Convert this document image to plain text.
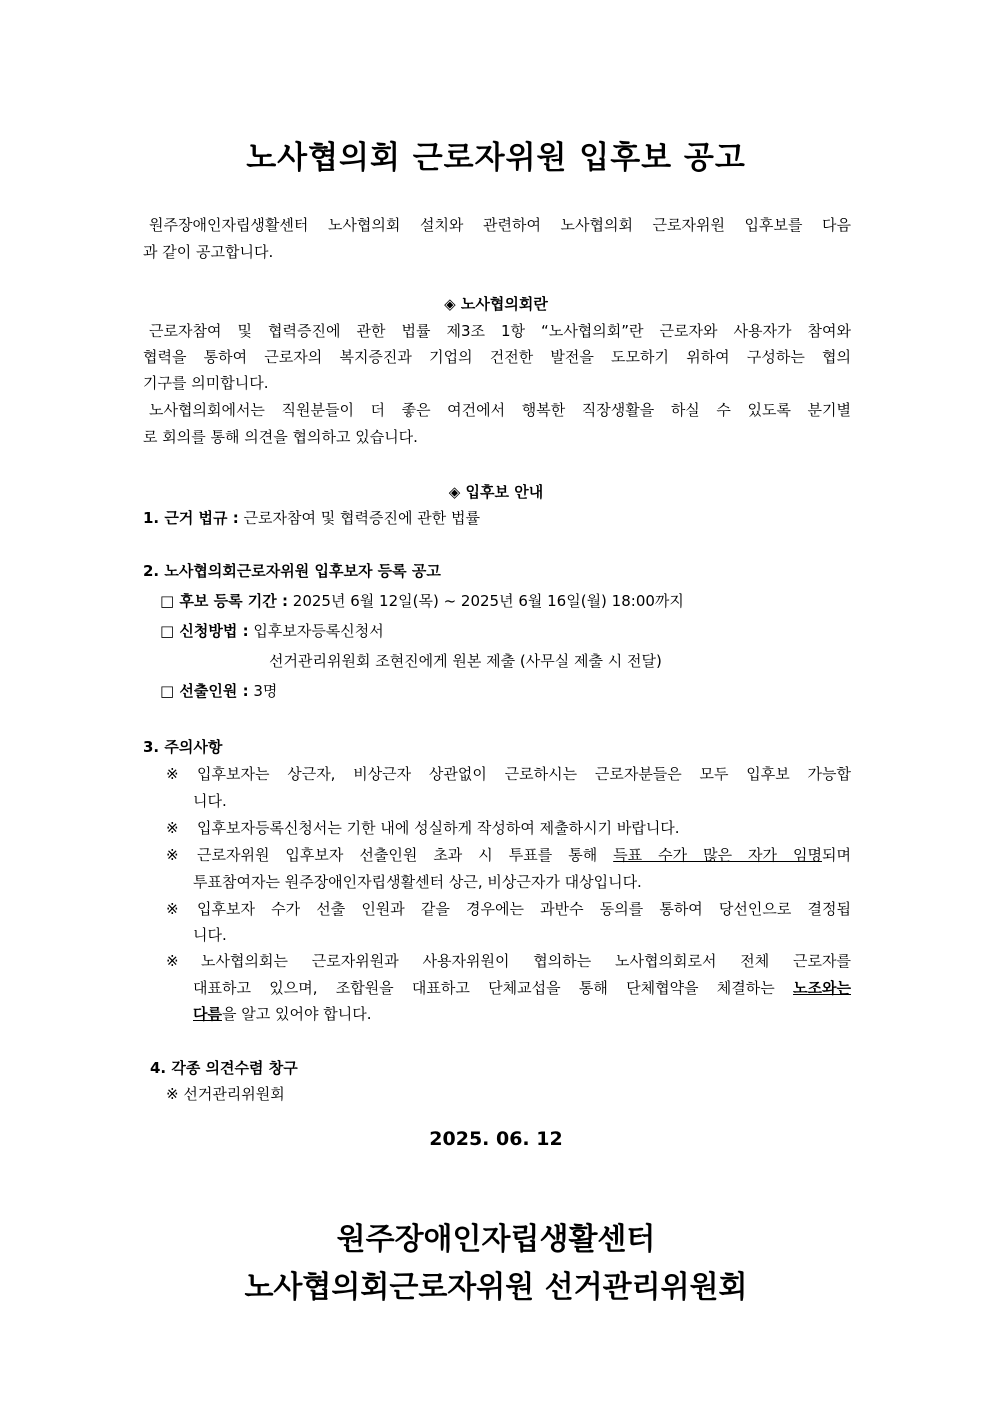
노사협의회 근로자위원 입후보 공고
원주장애인자립생활센터 노사협의회 설치와 관련하여 노사협의회 근로자위원 입후보를 다음
과 같이 공고합니다.
◈ 노사협의회란
근로자참여 및 협력증진에 관한 법률 제3조 1항 “노사협의회”란 근로자와 사용자가 참여와
협력을 통하여 근로자의 복지증진과 기업의 건전한 발전을 도모하기 위하여 구성하는 협의
기구를 의미합니다.
노사협의회에서는 직원분들이 더 좋은 여건에서 행복한 직장생활을 하실 수 있도록 분기별
로 회의를 통해 의견을 협의하고 있습니다.
◈ 입후보 안내
1. 근거 법규 : 근로자참여 및 협력증진에 관한 법률
2. 노사협의회근로자위원 입후보자 등록 공고
□ 후보 등록 기간 : 2025년 6월 12일(목) ~ 2025년 6월 16일(월) 18:00까지
□ 신청방법 : 입후보자등록신청서
선거관리위원회 조현진에게 원본 제출 (사무실 제출 시 전달)
□ 선출인원 : 3명
3. 주의사항
※ 입후보자는 상근자, 비상근자 상관없이 근로하시는 근로자분들은 모두 입후보 가능합
니다.
※ 입후보자등록신청서는 기한 내에 성실하게 작성하여 제출하시기 바랍니다.
※ 근로자위원 입후보자 선출인원 초과 시 투표를 통해 득표 수가 많은 자가 임명되며
투표참여자는 원주장애인자립생활센터 상근, 비상근자가 대상입니다.
※ 입후보자 수가 선출 인원과 같을 경우에는 과반수 동의를 통하여 당선인으로 결정됩
니다.
※ 노사협의회는 근로자위원과 사용자위원이 협의하는 노사협의회로서 전체 근로자를
대표하고 있으며, 조합원을 대표하고 단체교섭을 통해 단체협약을 체결하는 노조와는
다름을 알고 있어야 합니다.
4. 각종 의견수렴 창구
※ 선거관리위원회
2025. 06. 12
원주장애인자립생활센터
노사협의회근로자위원 선거관리위원회
